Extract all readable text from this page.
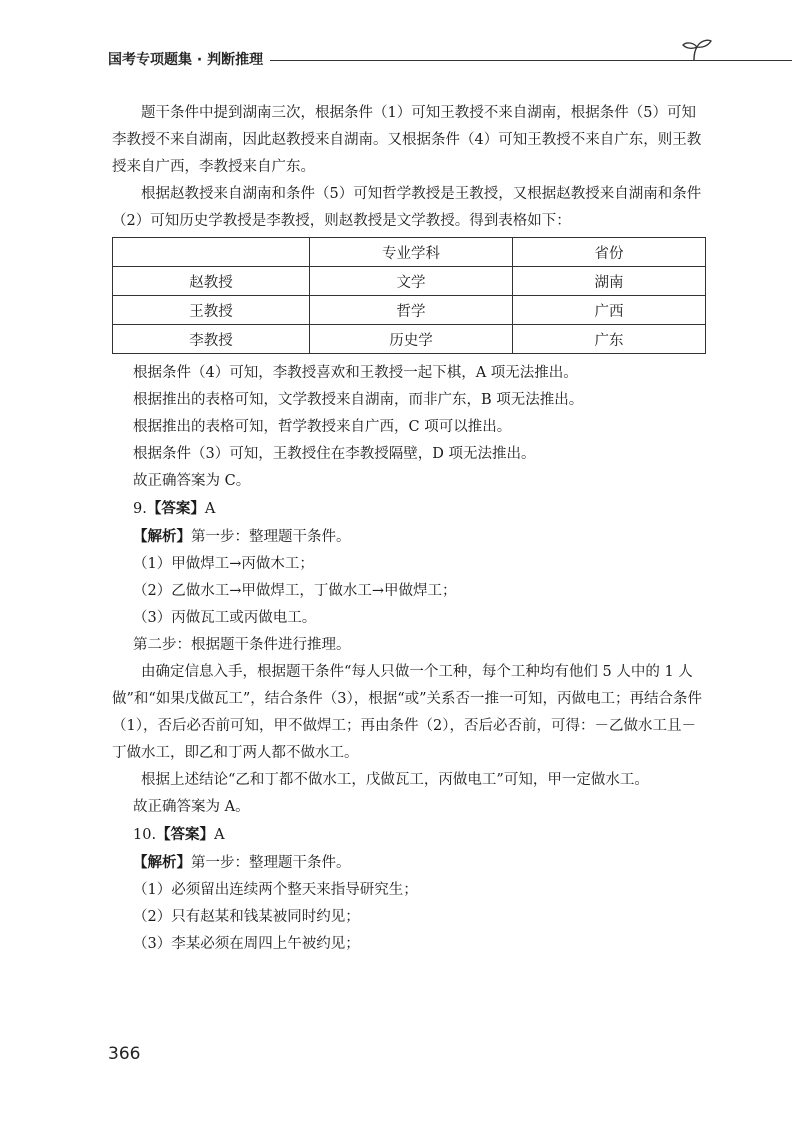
国考专项题集 · 判断推理

题干条件中提到湖南三次，根据条件（1）可知王教授不来自湖南，根据条件（5）可知李教授不来自湖南，因此赵教授来自湖南。又根据条件（4）可知王教授不来自广东，则王教授来自广西，李教授来自广东。

根据赵教授来自湖南和条件（5）可知哲学教授是王教授，又根据赵教授来自湖南和条件（2）可知历史学教授是李教授，则赵教授是文学教授。得到表格如下：

	专业学科	省份
赵教授	文学	湖南
王教授	哲学	广西
李教授	历史学	广东

根据条件（4）可知，李教授喜欢和王教授一起下棋，A 项无法推出。

根据推出的表格可知，文学教授来自湖南，而非广东，B 项无法推出。

根据推出的表格可知，哲学教授来自广西，C 项可以推出。

根据条件（3）可知，王教授住在李教授隔壁，D 项无法推出。

故正确答案为 C。

9.【答案】A

【解析】第一步：整理题干条件。

（1）甲做焊工→丙做木工；

（2）乙做水工→甲做焊工，丁做水工→甲做焊工；

（3）丙做瓦工或丙做电工。

第二步：根据题干条件进行推理。

由确定信息入手，根据题干条件“每人只做一个工种，每个工种均有他们 5 人中的 1 人做”和“如果戊做瓦工”，结合条件（3），根据“或”关系否一推一可知，丙做电工；再结合条件（1），否后必否前可知，甲不做焊工；再由条件（2），否后必否前，可得：－乙做水工且－丁做水工，即乙和丁两人都不做水工。

根据上述结论“乙和丁都不做水工，戊做瓦工，丙做电工”可知，甲一定做水工。

故正确答案为 A。

10.【答案】A

【解析】第一步：整理题干条件。

（1）必须留出连续两个整天来指导研究生；

（2）只有赵某和钱某被同时约见；

（3）李某必须在周四上午被约见；

366
